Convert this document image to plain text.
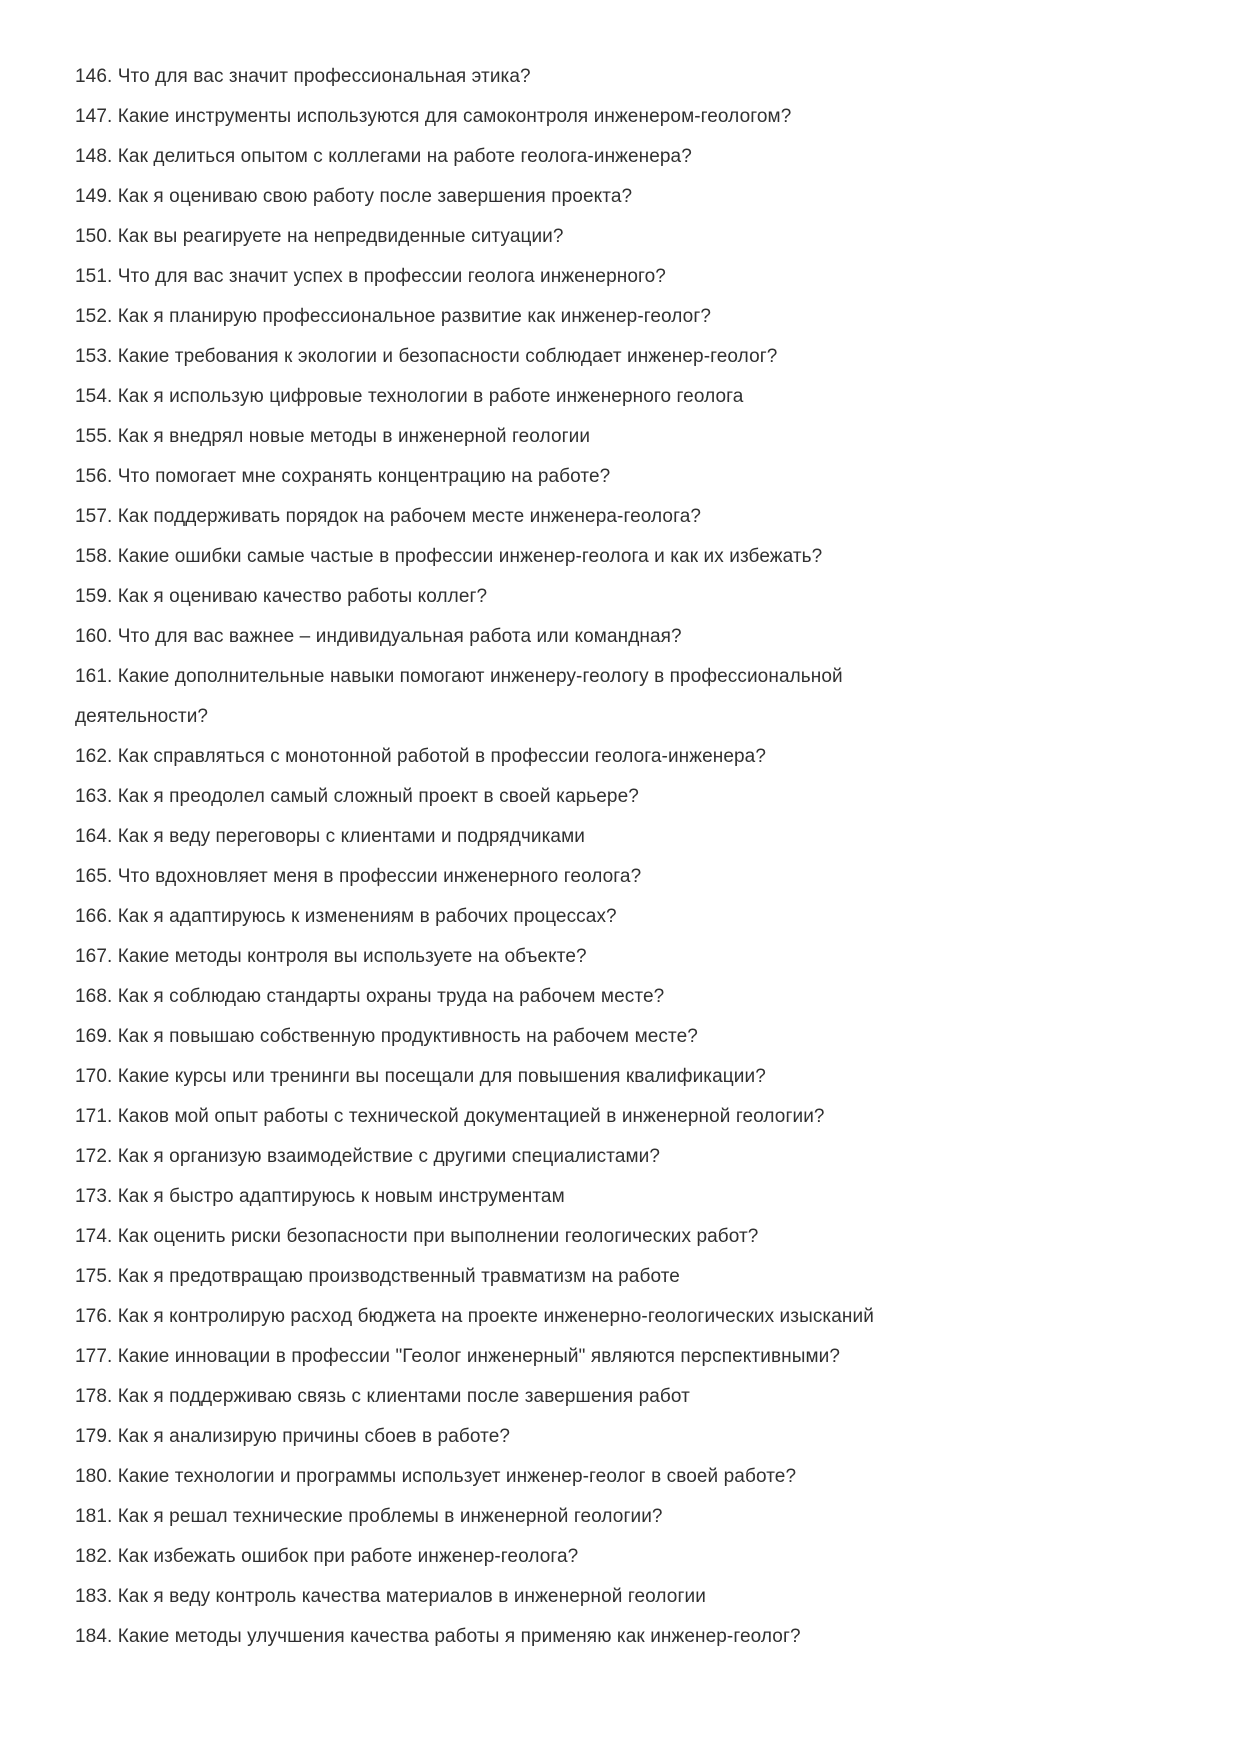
146. Что для вас значит профессиональная этика?
147. Какие инструменты используются для самоконтроля инженером-геологом?
148. Как делиться опытом с коллегами на работе геолога-инженера?
149. Как я оцениваю свою работу после завершения проекта?
150. Как вы реагируете на непредвиденные ситуации?
151. Что для вас значит успех в профессии геолога инженерного?
152. Как я планирую профессиональное развитие как инженер-геолог?
153. Какие требования к экологии и безопасности соблюдает инженер-геолог?
154. Как я использую цифровые технологии в работе инженерного геолога
155. Как я внедрял новые методы в инженерной геологии
156. Что помогает мне сохранять концентрацию на работе?
157. Как поддерживать порядок на рабочем месте инженера-геолога?
158. Какие ошибки самые частые в профессии инженер-геолога и как их избежать?
159. Как я оцениваю качество работы коллег?
160. Что для вас важнее – индивидуальная работа или командная?
161. Какие дополнительные навыки помогают инженеру-геологу в профессиональной
деятельности?
162. Как справляться с монотонной работой в профессии геолога-инженера?
163. Как я преодолел самый сложный проект в своей карьере?
164. Как я веду переговоры с клиентами и подрядчиками
165. Что вдохновляет меня в профессии инженерного геолога?
166. Как я адаптируюсь к изменениям в рабочих процессах?
167. Какие методы контроля вы используете на объекте?
168. Как я соблюдаю стандарты охраны труда на рабочем месте?
169. Как я повышаю собственную продуктивность на рабочем месте?
170. Какие курсы или тренинги вы посещали для повышения квалификации?
171. Каков мой опыт работы с технической документацией в инженерной геологии?
172. Как я организую взаимодействие с другими специалистами?
173. Как я быстро адаптируюсь к новым инструментам
174. Как оценить риски безопасности при выполнении геологических работ?
175. Как я предотвращаю производственный травматизм на работе
176. Как я контролирую расход бюджета на проекте инженерно-геологических изысканий
177. Какие инновации в профессии "Геолог инженерный" являются перспективными?
178. Как я поддерживаю связь с клиентами после завершения работ
179. Как я анализирую причины сбоев в работе?
180. Какие технологии и программы использует инженер-геолог в своей работе?
181. Как я решал технические проблемы в инженерной геологии?
182. Как избежать ошибок при работе инженер-геолога?
183. Как я веду контроль качества материалов в инженерной геологии
184. Какие методы улучшения качества работы я применяю как инженер-геолог?
